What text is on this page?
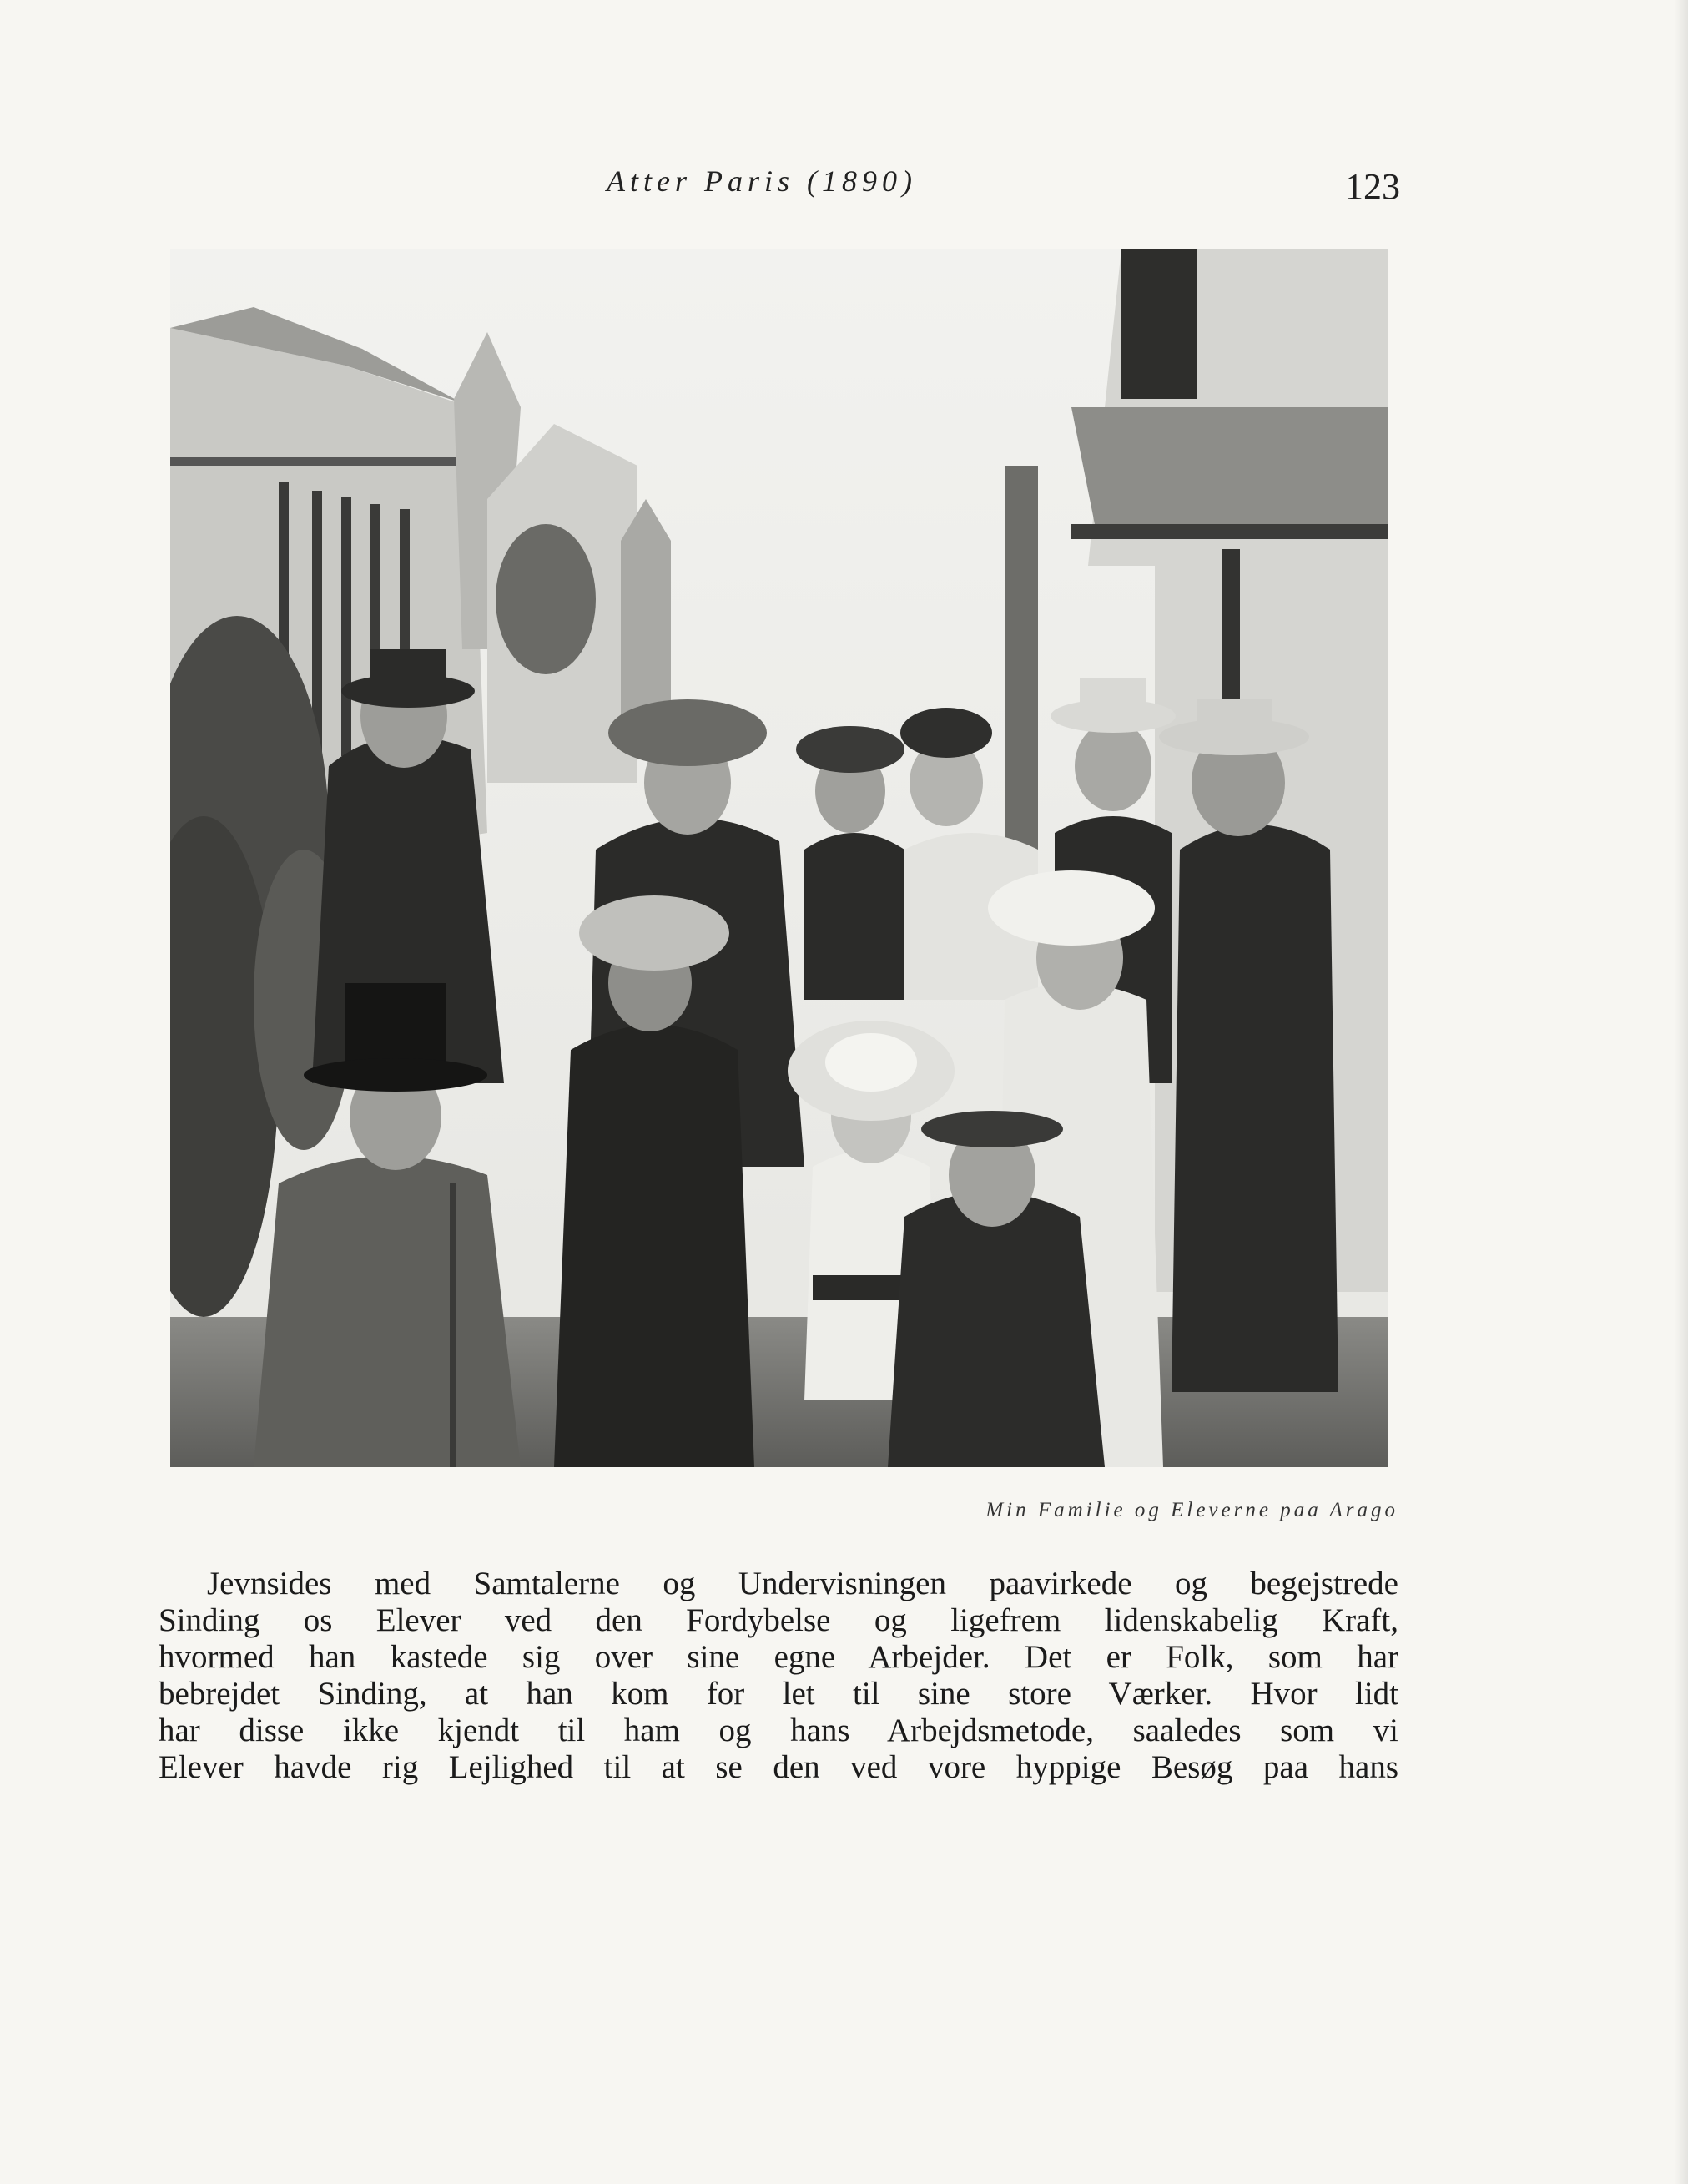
Atter Paris (1890)	123
Min Familie og Eleverne paa Arago
Jevnsides med Samtalerne og Undervisningen paavirkede og begejstrede
Sinding os Elever ved den Fordybelse og ligefrem lidenskabelig Kraft,
hvormed han kastede sig over sine egne Arbejder. Det er Folk, som har
bebrejdet Sinding, at han kom for let til sine store Værker. Hvor lidt
har disse ikke kjendt til ham og hans Arbejdsmetode, saaledes som vi
Elever havde rig Lejlighed til at se den ved vore hyppige Besøg paa hans
